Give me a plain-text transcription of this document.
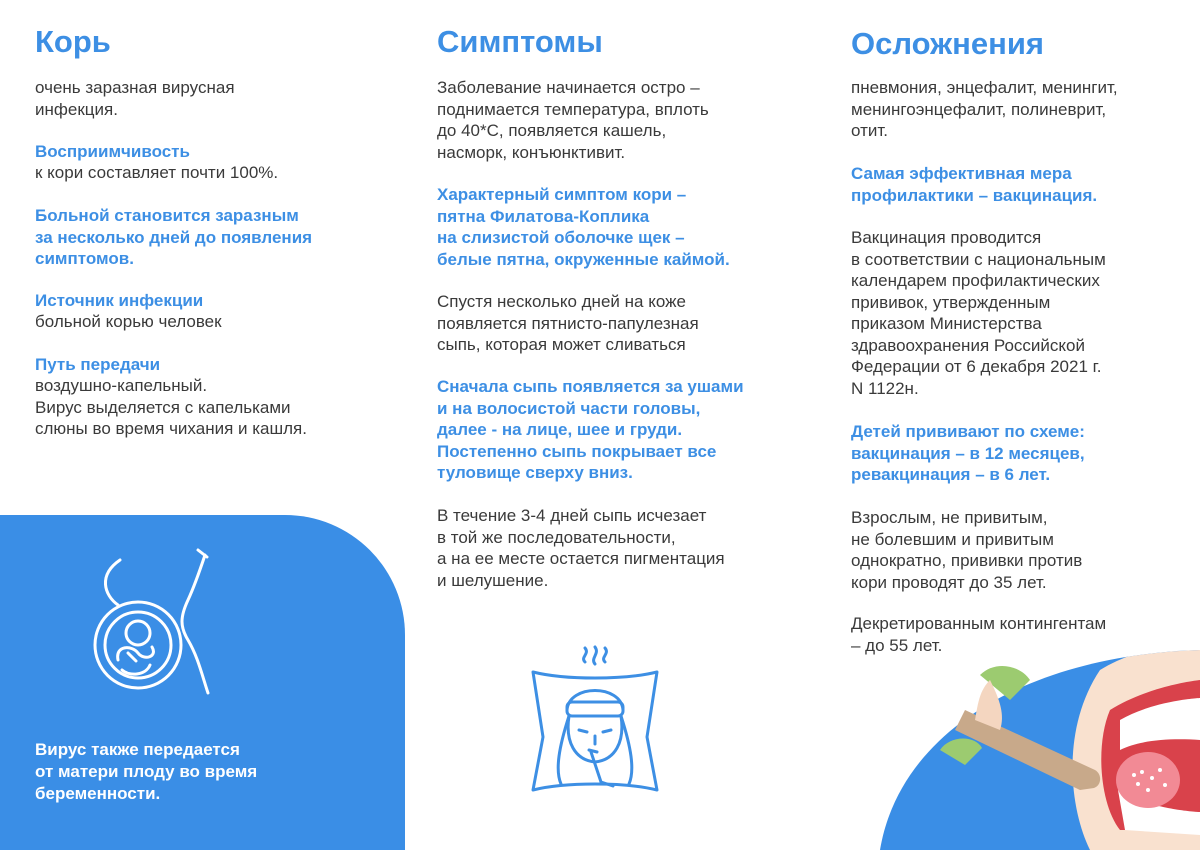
Корь
очень заразная вирусная
инфекция.
Восприимчивость
к кори составляет почти 100%.
Больной становится заразным
за несколько дней до появления
симптомов.
Источник инфекции
больной корью человек
Путь передачи
воздушно-капельный.
Вирус выделяется с капельками
слюны во время чихания и кашля.
Вирус также передается
от матери плоду во время
беременности.
Симптомы
Заболевание начинается остро –
поднимается температура, вплоть
до 40*С, появляется кашель,
насморк, конъюнктивит.
Характерный симптом кори –
пятна Филатова-Коплика
на слизистой оболочке щек –
белые пятна, окруженные каймой.
Спустя несколько дней на коже
появляется пятнисто-папулезная
сыпь, которая может сливаться
Сначала сыпь появляется за ушами
и на волосистой части головы,
далее - на лице, шее и груди.
Постепенно сыпь покрывает все
туловище сверху вниз.
В течение 3-4 дней сыпь исчезает
в той же последовательности,
а на ее месте остается пигментация
и шелушение.
Осложнения
пневмония, энцефалит, менингит,
менингоэнцефалит, полиневрит,
отит.
Самая эффективная мера
профилактики – вакцинация.
Вакцинация проводится
в соответствии с национальным
календарем профилактических
прививок, утвержденным
приказом Министерства
здравоохранения Российской
Федерации от 6 декабря 2021 г.
N 1122н.
Детей прививают по схеме:
вакцинация – в 12 месяцев,
ревакцинация – в 6 лет.
Взрослым, не привитым,
не болевшим и привитым
однократно, прививки против
кори проводят до 35 лет.
Декретированным контингентам
– до 55 лет.
